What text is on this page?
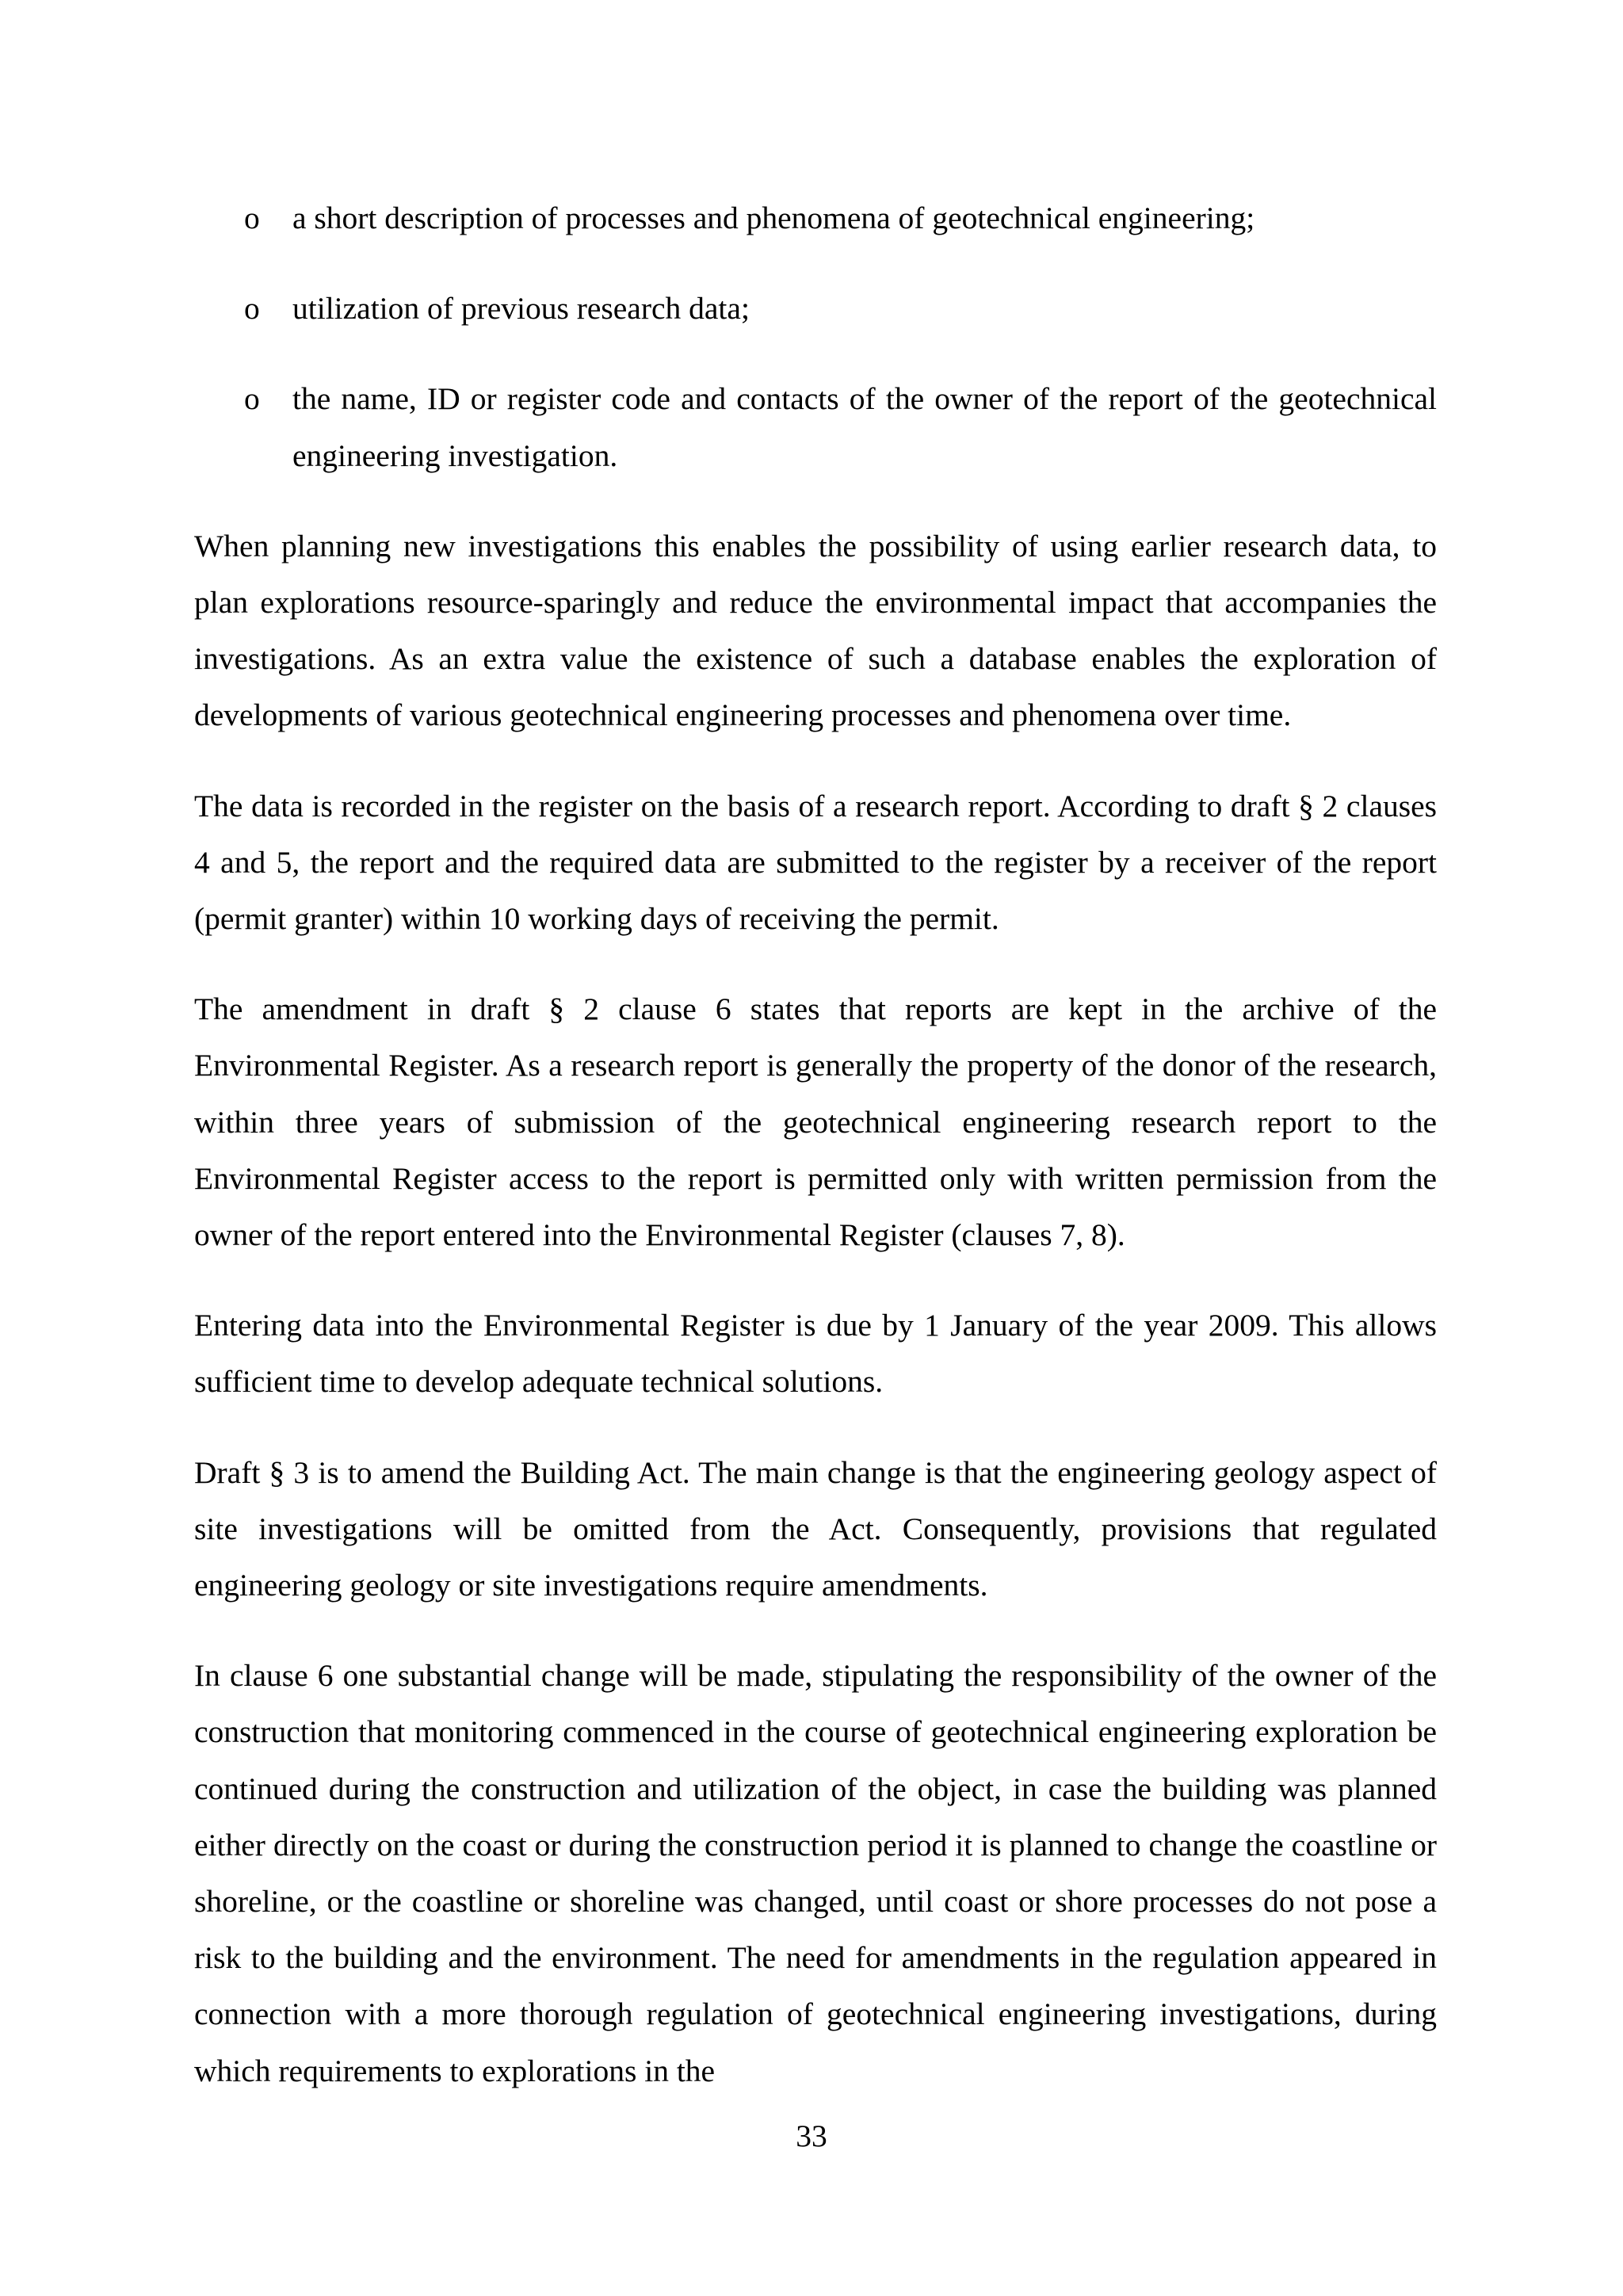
o a short description of processes and phenomena of geotechnical engineering;
o utilization of previous research data;
o the name, ID or register code and contacts of the owner of the report of the geotechnical engineering investigation.

When planning new investigations this enables the possibility of using earlier research data, to plan explorations resource-sparingly and reduce the environmental impact that accompanies the investigations. As an extra value the existence of such a database enables the exploration of developments of various geotechnical engineering processes and phenomena over time.

The data is recorded in the register on the basis of a research report. According to draft § 2 clauses 4 and 5, the report and the required data are submitted to the register by a receiver of the report (permit granter) within 10 working days of receiving the permit.

The amendment in draft § 2 clause 6 states that reports are kept in the archive of the Environmental Register. As a research report is generally the property of the donor of the research, within three years of submission of the geotechnical engineering research report to the Environmental Register access to the report is permitted only with written permission from the owner of the report entered into the Environmental Register (clauses 7, 8).

Entering data into the Environmental Register is due by 1 January of the year 2009. This allows sufficient time to develop adequate technical solutions.

Draft § 3 is to amend the Building Act. The main change is that the engineering geology aspect of site investigations will be omitted from the Act. Consequently, provisions that regulated engineering geology or site investigations require amendments.

In clause 6 one substantial change will be made, stipulating the responsibility of the owner of the construction that monitoring commenced in the course of geotechnical engineering exploration be continued during the construction and utilization of the object, in case the building was planned either directly on the coast or during the construction period it is planned to change the coastline or shoreline, or the coastline or shoreline was changed, until coast or shore processes do not pose a risk to the building and the environment. The need for amendments in the regulation appeared in connection with a more thorough regulation of geotechnical engineering investigations, during which requirements to explorations in the

33
